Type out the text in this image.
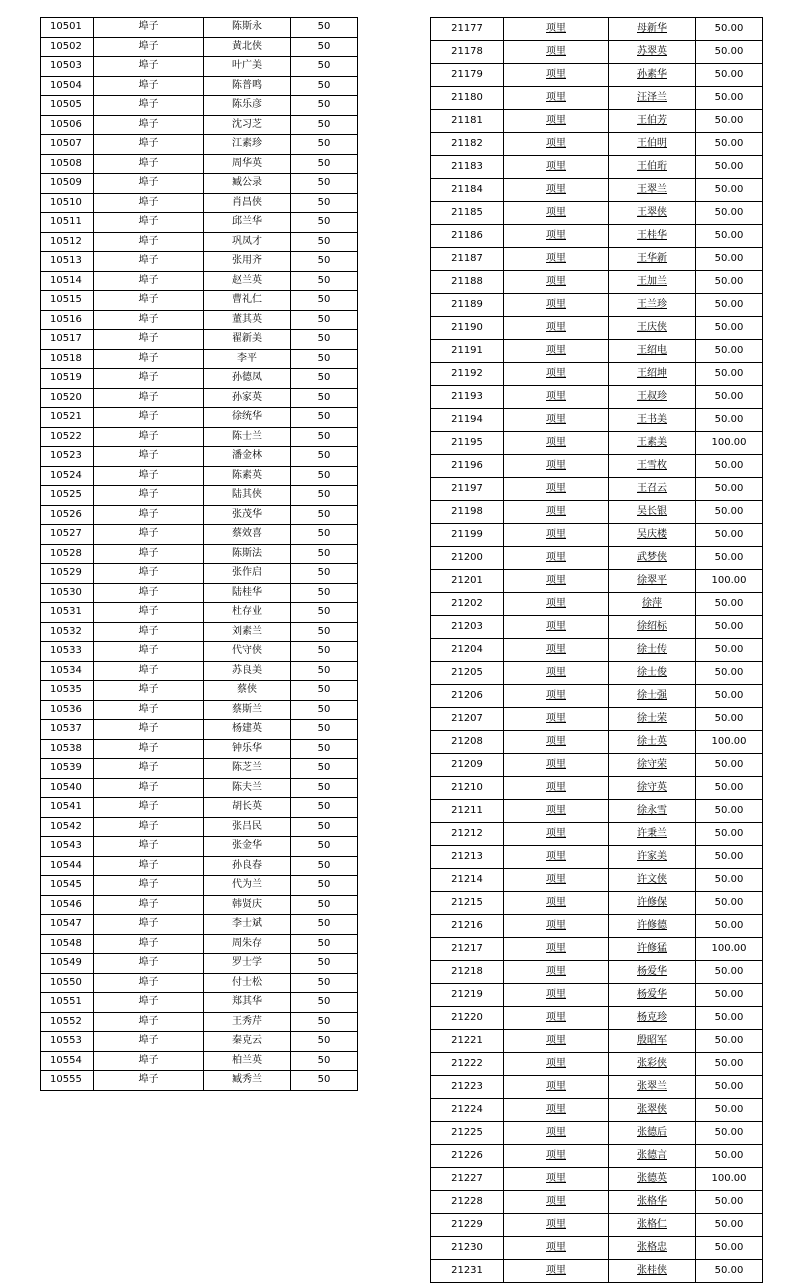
10501	埠子	陈斯永	50
10502	埠子	黄北侠	50
10503	埠子	叶广美	50
10504	埠子	陈普鸣	50
10505	埠子	陈乐彦	50
10506	埠子	沈习芝	50
10507	埠子	江素珍	50
10508	埠子	周华英	50
10509	埠子	臧公录	50
10510	埠子	肖昌侠	50
10511	埠子	邱兰华	50
10512	埠子	巩凤才	50
10513	埠子	张用齐	50
10514	埠子	赵兰英	50
10515	埠子	曹礼仁	50
10516	埠子	董其英	50
10517	埠子	翟新美	50
10518	埠子	李平	50
10519	埠子	孙德凤	50
10520	埠子	孙家英	50
10521	埠子	徐统华	50
10522	埠子	陈士兰	50
10523	埠子	潘金林	50
10524	埠子	陈素英	50
10525	埠子	陆其侠	50
10526	埠子	张茂华	50
10527	埠子	蔡效喜	50
10528	埠子	陈斯法	50
10529	埠子	张作启	50
10530	埠子	陆桂华	50
10531	埠子	杜存业	50
10532	埠子	刘素兰	50
10533	埠子	代守侠	50
10534	埠子	苏良美	50
10535	埠子	蔡侠	50
10536	埠子	蔡斯兰	50
10537	埠子	杨建英	50
10538	埠子	钟乐华	50
10539	埠子	陈芝兰	50
10540	埠子	陈夫兰	50
10541	埠子	胡长英	50
10542	埠子	张吕民	50
10543	埠子	张金华	50
10544	埠子	孙良春	50
10545	埠子	代为兰	50
10546	埠子	韩贤庆	50
10547	埠子	李士斌	50
10548	埠子	周朱存	50
10549	埠子	罗士学	50
10550	埠子	付士松	50
10551	埠子	郑其华	50
10552	埠子	王秀芹	50
10553	埠子	秦克云	50
10554	埠子	柏兰英	50
10555	埠子	臧秀兰	50
21177	项里	母新华	50.00
21178	项里	苏翠英	50.00
21179	项里	孙素华	50.00
21180	项里	汪泽兰	50.00
21181	项里	王伯芳	50.00
21182	项里	王伯明	50.00
21183	项里	王伯珩	50.00
21184	项里	王翠兰	50.00
21185	项里	王翠侠	50.00
21186	项里	王桂华	50.00
21187	项里	王华新	50.00
21188	项里	王加兰	50.00
21189	项里	王兰珍	50.00
21190	项里	王庆侠	50.00
21191	项里	王绍电	50.00
21192	项里	王绍坤	50.00
21193	项里	王叔珍	50.00
21194	项里	王书美	50.00
21195	项里	王素美	100.00
21196	项里	王雪枚	50.00
21197	项里	王召云	50.00
21198	项里	吴长银	50.00
21199	项里	吴庆楼	50.00
21200	项里	武梦侠	50.00
21201	项里	徐翠平	100.00
21202	项里	徐萍	50.00
21203	项里	徐绍标	50.00
21204	项里	徐士传	50.00
21205	项里	徐士俊	50.00
21206	项里	徐士强	50.00
21207	项里	徐士荣	50.00
21208	项里	徐士英	100.00
21209	项里	徐守荣	50.00
21210	项里	徐守英	50.00
21211	项里	徐永雪	50.00
21212	项里	许秉兰	50.00
21213	项里	许家美	50.00
21214	项里	许文侠	50.00
21215	项里	许修保	50.00
21216	项里	许修德	50.00
21217	项里	许修猛	100.00
21218	项里	杨爱华	50.00
21219	项里	杨爱华	50.00
21220	项里	杨克珍	50.00
21221	项里	殷昭军	50.00
21222	项里	张彩侠	50.00
21223	项里	张翠兰	50.00
21224	项里	张翠侠	50.00
21225	项里	张德后	50.00
21226	项里	张德言	50.00
21227	项里	张德英	100.00
21228	项里	张格华	50.00
21229	项里	张格仁	50.00
21230	项里	张格忠	50.00
21231	项里	张桂侠	50.00
